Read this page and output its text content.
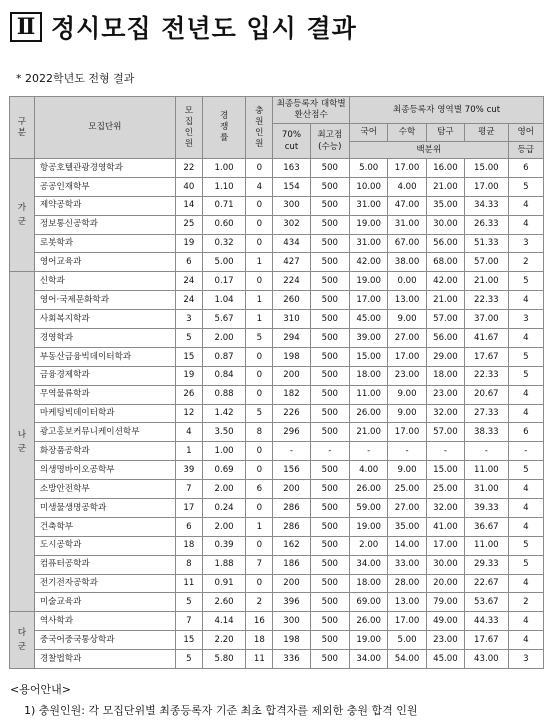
Ⅱ 정시모집 전년도 입시 결과
* 2022학년도 전형 결과
구분	모집단위	모집인원	경쟁률	충원인원	최종등록자 대학별 환산점수		최종등록자 영역별 70% cut				
					70% cut	최고점 (수능)	국어	수학	탐구	평균	영어
							백분위				등급
가군	항공호텔관광경영학과	22	1.00	0	163	500	5.00	17.00	16.00	15.00	6
	공공인재학부	40	1.10	4	154	500	10.00	4.00	21.00	17.00	5
	제약공학과	14	0.71	0	300	500	31.00	47.00	35.00	34.33	4
	정보통신공학과	25	0.60	0	302	500	19.00	31.00	30.00	26.33	4
	로봇학과	19	0.32	0	434	500	31.00	67.00	56.00	51.33	3
	영어교육과	6	5.00	1	427	500	42.00	38.00	68.00	57.00	2
나군	신학과	24	0.17	0	224	500	19.00	0.00	42.00	21.00	5
	영어·국제문화학과	24	1.04	1	260	500	17.00	13.00	21.00	22.33	4
	사회복지학과	3	5.67	1	310	500	45.00	9.00	57.00	37.00	3
	경영학과	5	2.00	5	294	500	39.00	27.00	56.00	41.67	4
	부동산금융빅데이터학과	15	0.87	0	198	500	15.00	17.00	29.00	17.67	5
	금융경제학과	19	0.84	0	200	500	18.00	23.00	18.00	22.33	5
	무역물류학과	26	0.88	0	182	500	11.00	9.00	23.00	20.67	4
	마케팅빅데이터학과	12	1.42	5	226	500	26.00	9.00	32.00	27.33	4
	광고홍보커뮤니케이션학부	4	3.50	8	296	500	21.00	17.00	57.00	38.33	6
	화장품공학과	1	1.00	0	-	-	-	-	-	-	-
	의생명바이오공학부	39	0.69	0	156	500	4.00	9.00	15.00	11.00	5
	소방안전학부	7	2.00	6	200	500	26.00	25.00	25.00	31.00	4
	미생물생명공학과	17	0.24	0	286	500	59.00	27.00	32.00	39.33	4
	건축학부	6	2.00	1	286	500	19.00	35.00	41.00	36.67	4
	도시공학과	18	0.39	0	162	500	2.00	14.00	17.00	11.00	5
	컴퓨터공학과	8	1.88	7	186	500	34.00	33.00	30.00	29.33	5
	전기전자공학과	11	0.91	0	200	500	18.00	28.00	20.00	22.67	4
	미술교육과	5	2.60	2	396	500	69.00	13.00	79.00	53.67	2
다군	역사학과	7	4.14	16	300	500	26.00	17.00	49.00	44.33	4
	중국어중국통상학과	15	2.20	18	198	500	19.00	5.00	23.00	17.67	4
	경찰법학과	5	5.80	11	336	500	34.00	54.00	45.00	43.00	3
<용어안내>
1) 충원인원: 각 모집단위별 최종등록자 기준 최초 합격자를 제외한 충원 합격 인원
